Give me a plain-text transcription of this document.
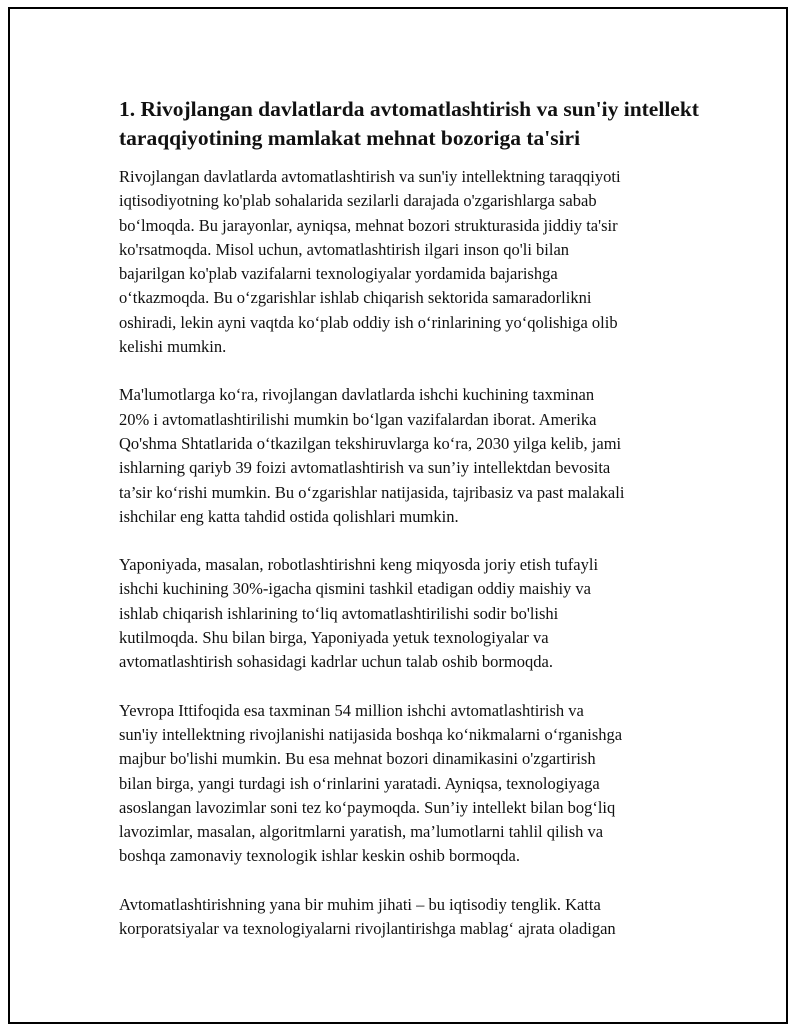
1. Rivojlangan davlatlarda avtomatlashtirish va sun'iy intellekt
taraqqiyotining mamlakat mehnat bozoriga ta'siri

Rivojlangan davlatlarda avtomatlashtirish va sun'iy intellektning taraqqiyoti
iqtisodiyotning ko'plab sohalarida sezilarli darajada o'zgarishlarga sabab
bo‘lmoqda. Bu jarayonlar, ayniqsa, mehnat bozori strukturasida jiddiy ta'sir
ko'rsatmoqda. Misol uchun, avtomatlashtirish ilgari inson qo'li bilan
bajarilgan ko'plab vazifalarni texnologiyalar yordamida bajarishga
o‘tkazmoqda. Bu o‘zgarishlar ishlab chiqarish sektorida samaradorlikni
oshiradi, lekin ayni vaqtda ko‘plab oddiy ish o‘rinlarining yo‘qolishiga olib
kelishi mumkin.

Ma'lumotlarga ko‘ra, rivojlangan davlatlarda ishchi kuchining taxminan
20% i avtomatlashtirilishi mumkin bo‘lgan vazifalardan iborat. Amerika
Qo'shma Shtatlarida o‘tkazilgan tekshiruvlarga ko‘ra, 2030 yilga kelib, jami
ishlarning qariyb 39 foizi avtomatlashtirish va sun’iy intellektdan bevosita
ta’sir ko‘rishi mumkin. Bu o‘zgarishlar natijasida, tajribasiz va past malakali
ishchilar eng katta tahdid ostida qolishlari mumkin.

Yaponiyada, masalan, robotlashtirishni keng miqyosda joriy etish tufayli
ishchi kuchining 30%-igacha qismini tashkil etadigan oddiy maishiy va
ishlab chiqarish ishlarining to‘liq avtomatlashtirilishi sodir bo'lishi
kutilmoqda. Shu bilan birga, Yaponiyada yetuk texnologiyalar va
avtomatlashtirish sohasidagi kadrlar uchun talab oshib bormoqda.

Yevropa Ittifoqida esa taxminan 54 million ishchi avtomatlashtirish va
sun'iy intellektning rivojlanishi natijasida boshqa ko‘nikmalarni o‘rganishga
majbur bo'lishi mumkin. Bu esa mehnat bozori dinamikasini o'zgartirish
bilan birga, yangi turdagi ish o‘rinlarini yaratadi. Ayniqsa, texnologiyaga
asoslangan lavozimlar soni tez ko‘paymoqda. Sun’iy intellekt bilan bog‘liq
lavozimlar, masalan, algoritmlarni yaratish, ma’lumotlarni tahlil qilish va
boshqa zamonaviy texnologik ishlar keskin oshib bormoqda.

Avtomatlashtirishning yana bir muhim jihati – bu iqtisodiy tenglik. Katta
korporatsiyalar va texnologiyalarni rivojlantirishga mablag‘ ajrata oladigan
